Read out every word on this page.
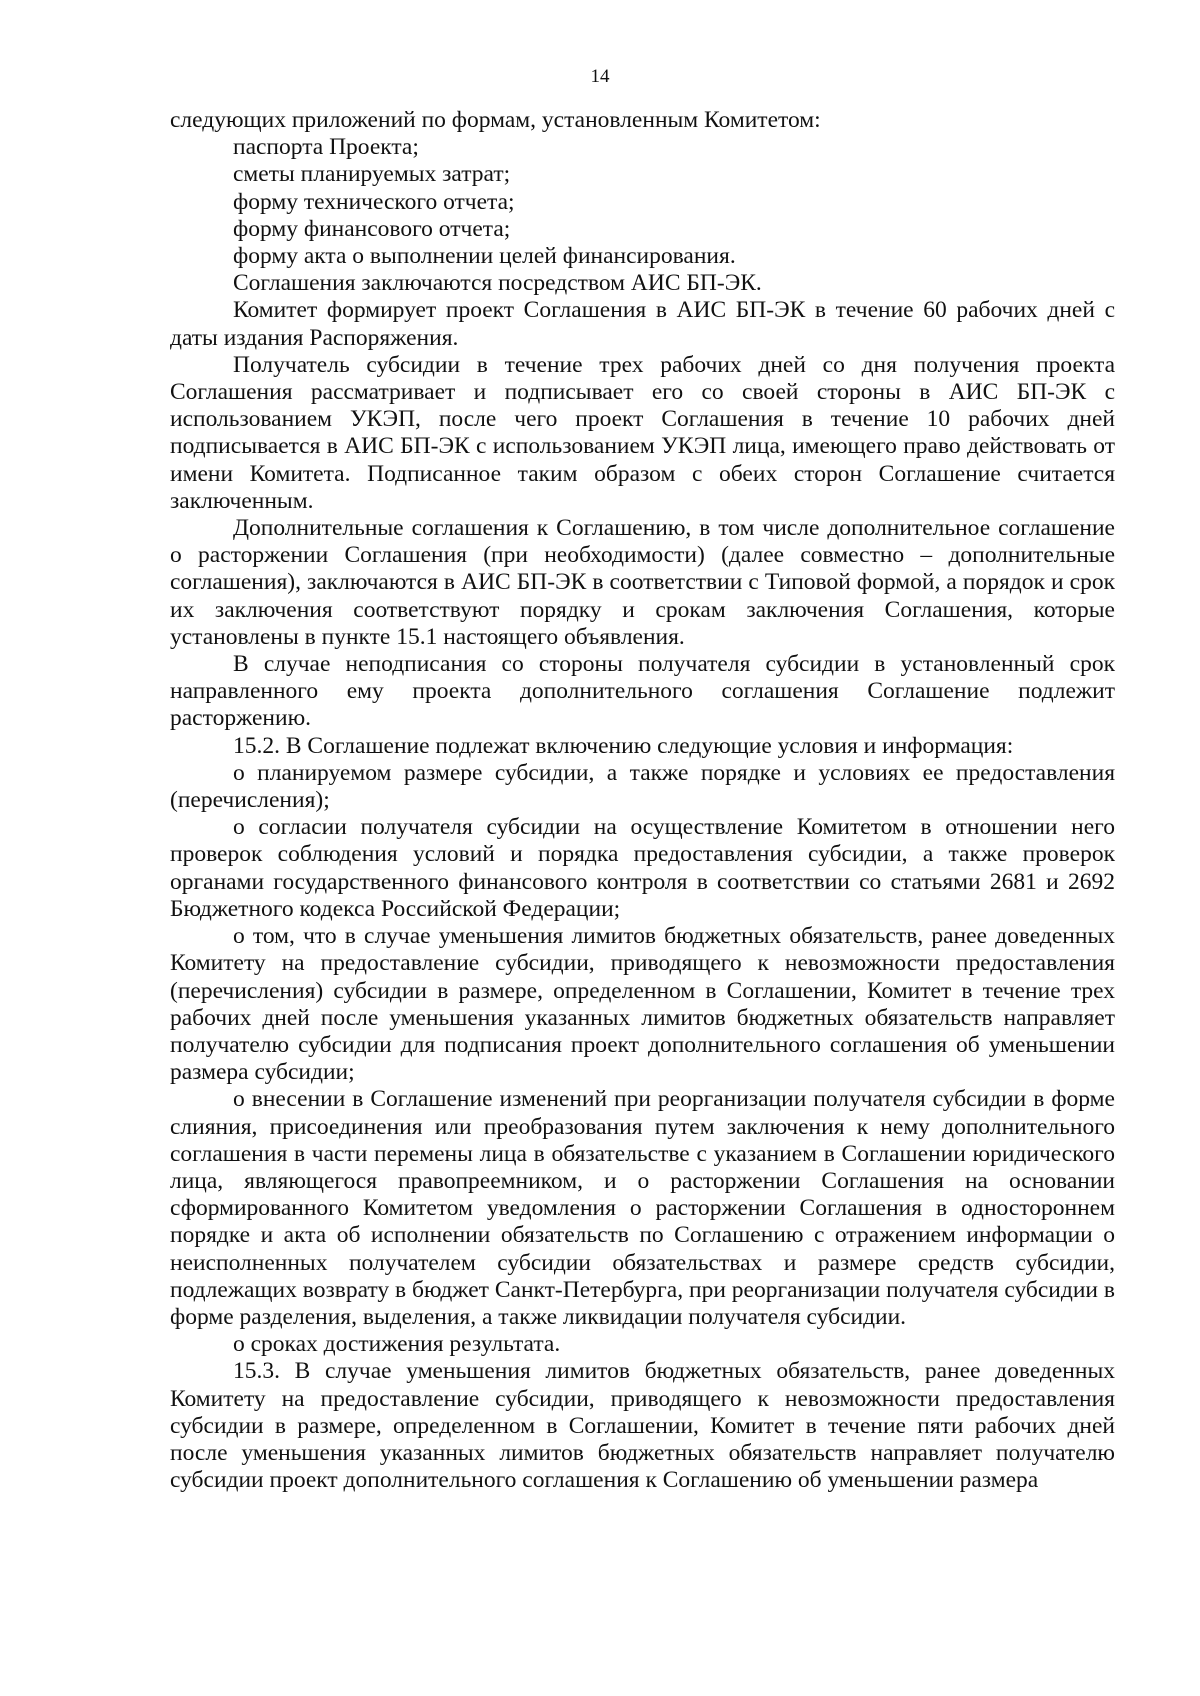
14

следующих приложений по формам, установленным Комитетом:

паспорта Проекта;

сметы планируемых затрат;

форму технического отчета;

форму финансового отчета;

форму акта о выполнении целей финансирования.

Соглашения заключаются посредством АИС БП-ЭК.

Комитет формирует проект Соглашения в АИС БП-ЭК в течение 60 рабочих дней с даты издания Распоряжения.

Получатель субсидии в течение трех рабочих дней со дня получения проекта Соглашения рассматривает и подписывает его со своей стороны в АИС БП-ЭК с использованием УКЭП, после чего проект Соглашения в течение 10 рабочих дней подписывается в АИС БП-ЭК с использованием УКЭП лица, имеющего право действовать от имени Комитета. Подписанное таким образом с обеих сторон Соглашение считается заключенным.

Дополнительные соглашения к Соглашению, в том числе дополнительное соглашение о расторжении Соглашения (при необходимости) (далее совместно – дополнительные соглашения), заключаются в АИС БП-ЭК в соответствии с Типовой формой, а порядок и срок их заключения соответствуют порядку и срокам заключения Соглашения, которые установлены в пункте 15.1 настоящего объявления.

В случае неподписания со стороны получателя субсидии в установленный срок направленного ему проекта дополнительного соглашения Соглашение подлежит расторжению.

15.2. В Соглашение подлежат включению следующие условия и информация:

о планируемом размере субсидии, а также порядке и условиях ее предоставления (перечисления);

о согласии получателя субсидии на осуществление Комитетом в отношении него проверок соблюдения условий и порядка предоставления субсидии, а также проверок органами государственного финансового контроля в соответствии со статьями 2681 и 2692 Бюджетного кодекса Российской Федерации;

о том, что в случае уменьшения лимитов бюджетных обязательств, ранее доведенных Комитету на предоставление субсидии, приводящего к невозможности предоставления (перечисления) субсидии в размере, определенном в Соглашении, Комитет в течение трех рабочих дней после уменьшения указанных лимитов бюджетных обязательств направляет получателю субсидии для подписания проект дополнительного соглашения об уменьшении размера субсидии;

о внесении в Соглашение изменений при реорганизации получателя субсидии в форме слияния, присоединения или преобразования путем заключения к нему дополнительного соглашения в части перемены лица в обязательстве с указанием в Соглашении юридического лица, являющегося правопреемником, и о расторжении Соглашения на основании сформированного Комитетом уведомления о расторжении Соглашения в одностороннем порядке и акта об исполнении обязательств по Соглашению с отражением информации о неисполненных получателем субсидии обязательствах и размере средств субсидии, подлежащих возврату в бюджет Санкт-Петербурга, при реорганизации получателя субсидии в форме разделения, выделения, а также ликвидации получателя субсидии.

о сроках достижения результата.

15.3. В случае уменьшения лимитов бюджетных обязательств, ранее доведенных Комитету на предоставление субсидии, приводящего к невозможности предоставления субсидии в размере, определенном в Соглашении, Комитет в течение пяти рабочих дней после уменьшения указанных лимитов бюджетных обязательств направляет получателю субсидии проект дополнительного соглашения к Соглашению об уменьшении размера
